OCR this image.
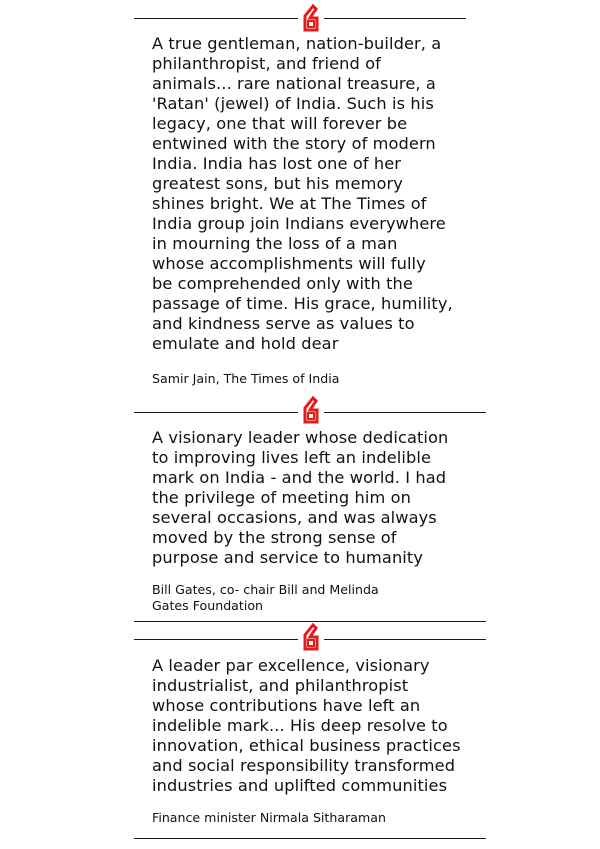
A true gentleman, nation-builder, a
philanthropist, and friend of
animals... rare national treasure, a
'Ratan' (jewel) of India. Such is his
legacy, one that will forever be
entwined with the story of modern
India. India has lost one of her
greatest sons, but his memory
shines bright. We at The Times of
India group join Indians everywhere
in mourning the loss of a man
whose accomplishments will fully
be comprehended only with the
passage of time. His grace, humility,
and kindness serve as values to
emulate and hold dear

Samir Jain, The Times of India

A visionary leader whose dedication
to improving lives left an indelible
mark on India - and the world. I had
the privilege of meeting him on
several occasions, and was always
moved by the strong sense of
purpose and service to humanity

Bill Gates, co- chair Bill and Melinda
Gates Foundation

A leader par excellence, visionary
industrialist, and philanthropist
whose contributions have left an
indelible mark... His deep resolve to
innovation, ethical business practices
and social responsibility transformed
industries and uplifted communities

Finance minister Nirmala Sitharaman
